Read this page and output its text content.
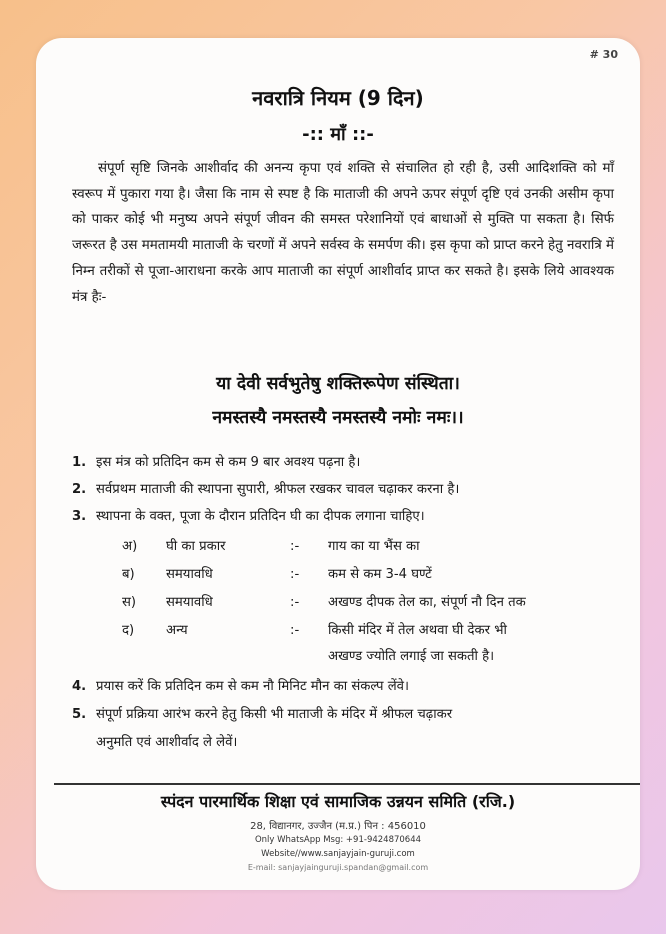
# 30
नवरात्रि नियम (9 दिन)
-:: माँ ::-
संपूर्ण सृष्टि जिनके आशीर्वाद की अनन्य कृपा एवं शक्ति से संचालित हो रही है, उसी आदिशक्ति को माँ स्वरूप में पुकारा गया है। जैसा कि नाम से स्पष्ट है कि माताजी की अपने ऊपर संपूर्ण दृष्टि एवं उनकी असीम कृपा को पाकर कोई भी मनुष्य अपने संपूर्ण जीवन की समस्त परेशानियों एवं बाधाओं से मुक्ति पा सकता है। सिर्फ जरूरत है उस ममतामयी माताजी के चरणों में अपने सर्वस्व के समर्पण की। इस कृपा को प्राप्त करने हेतु नवरात्रि में निम्न तरीकों से पूजा-आराधना करके आप माताजी का संपूर्ण आशीर्वाद प्राप्त कर सकते है। इसके लिये आवश्यक मंत्र हैः-
या देवी सर्वभुतेषु शक्तिरूपेण संस्थिता।
नमस्तस्यै नमस्तस्यै नमस्तस्यै नमोः नमः।।
1. इस मंत्र को प्रतिदिन कम से कम 9 बार अवश्य पढ़ना है।
2. सर्वप्रथम माताजी की स्थापना सुपारी, श्रीफल रखकर चावल चढ़ाकर करना है।
3. स्थापना के वक्त, पूजा के दौरान प्रतिदिन घी का दीपक लगाना चाहिए।
अ)	घी का प्रकार	:-	गाय का या भैंस का
ब)	समयावधि	:-	कम से कम 3-4 घण्टें
स)	समयावधि	:-	अखण्ड दीपक तेल का, संपूर्ण नौ दिन तक
द)	अन्य	:-	किसी मंदिर में तेल अथवा घी देकर भी
अखण्ड ज्योति लगाई जा सकती है।
4. प्रयास करें कि प्रतिदिन कम से कम नौ मिनिट मौन का संकल्प लेंवे।
5. संपूर्ण प्रक्रिया आरंभ करने हेतु किसी भी माताजी के मंदिर में श्रीफल चढ़ाकर
अनुमति एवं आशीर्वाद ले लेवें।
स्पंदन पारमार्थिक शिक्षा एवं सामाजिक उन्नयन समिति (रजि.)
28, विद्यानगर, उज्जैन (म.प्र.) पिन : 456010
Only WhatsApp Msg: +91-9424870644
Website//www.sanjayjain-guruji.com
E-mail: sanjayjainguruji.spandan@gmail.com
